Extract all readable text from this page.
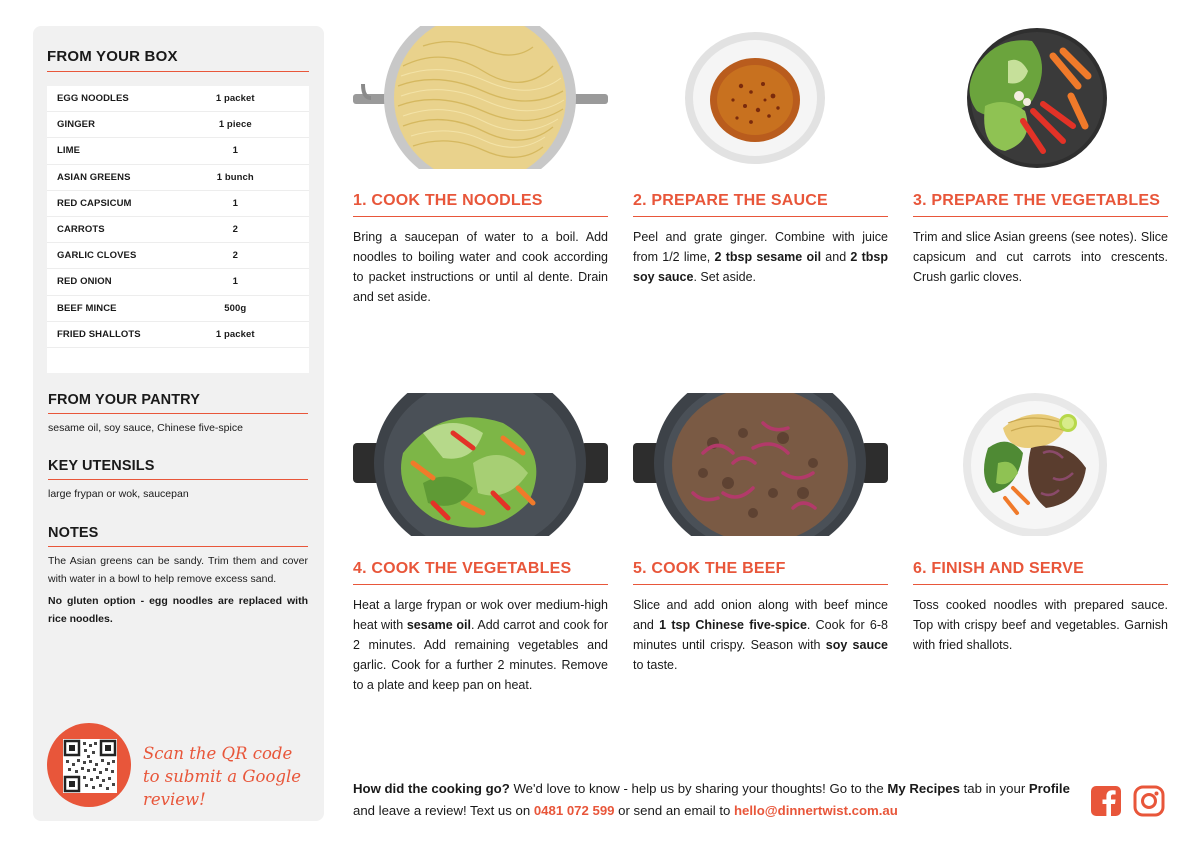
FROM YOUR BOX
EGG NOODLES	1 packet
GINGER	1 piece
LIME	1
ASIAN GREENS	1 bunch
RED CAPSICUM	1
CARROTS	2
GARLIC CLOVES	2
RED ONION	1
BEEF MINCE	500g
FRIED SHALLOTS	1 packet
FROM YOUR PANTRY
sesame oil, soy sauce, Chinese five-spice
KEY UTENSILS
large frypan or wok, saucepan
NOTES
The Asian greens can be sandy. Trim them and cover with water in a bowl to help remove excess sand.
No gluten option - egg noodles are replaced with rice noodles.
Scan the QR code to submit a Google review!
1. COOK THE NOODLES
Bring a saucepan of water to a boil. Add noodles to boiling water and cook according to packet instructions or until al dente. Drain and set aside.
2. PREPARE THE SAUCE
Peel and grate ginger. Combine with juice from 1/2 lime, 2 tbsp sesame oil and 2 tbsp soy sauce. Set aside.
3. PREPARE THE VEGETABLES
Trim and slice Asian greens (see notes). Slice capsicum and cut carrots into crescents. Crush garlic cloves.
4. COOK THE VEGETABLES
Heat a large frypan or wok over medium-high heat with sesame oil. Add carrot and cook for 2 minutes. Add remaining vegetables and garlic. Cook for a further 2 minutes. Remove to a plate and keep pan on heat.
5. COOK THE BEEF
Slice and add onion along with beef mince and 1 tsp Chinese five-spice. Cook for 6-8 minutes until crispy. Season with soy sauce to taste.
6. FINISH AND SERVE
Toss cooked noodles with prepared sauce. Top with crispy beef and vegetables. Garnish with fried shallots.
How did the cooking go? We'd love to know - help us by sharing your thoughts! Go to the My Recipes tab in your Profile and leave a review! Text us on 0481 072 599 or send an email to hello@dinnertwist.com.au
